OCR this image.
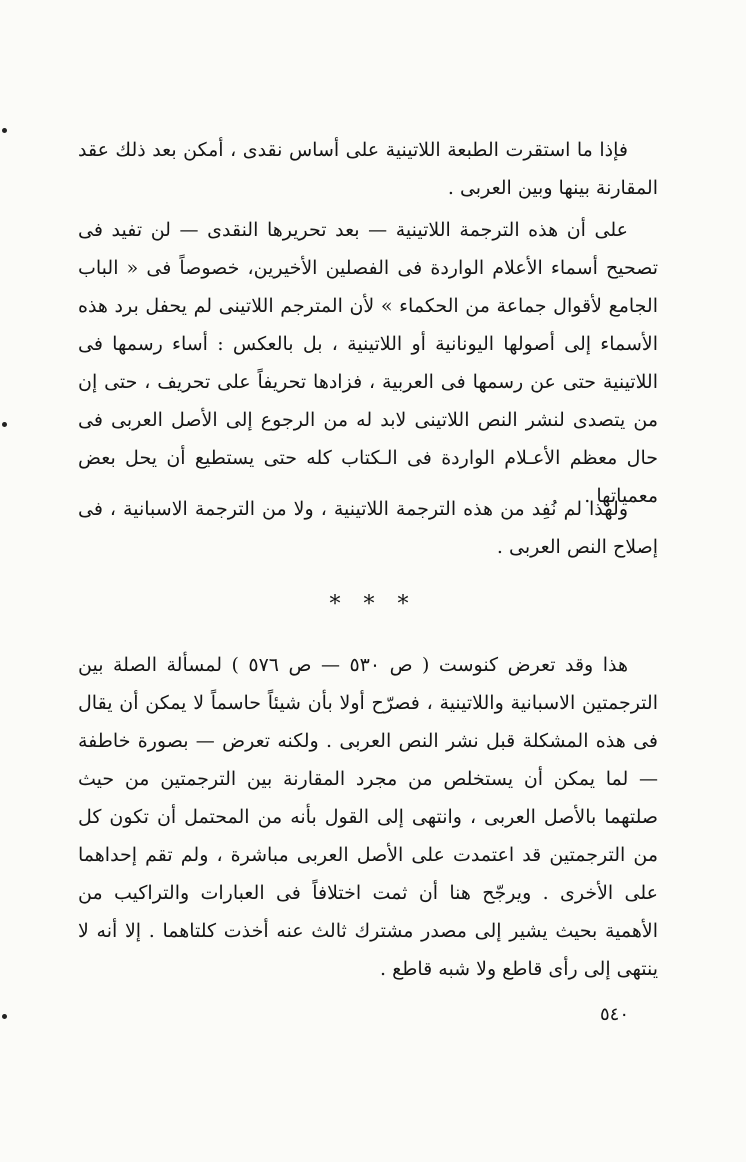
فإذا ما استقرت الطبعة اللاتينية على أساس نقدى ، أمكن بعد ذلك عقد المقارنة بينها وبين العربى .

على أن هذه الترجمة اللاتينية — بعد تحريرها النقدى — لن تفيد فى تصحيح أسماء الأعلام الواردة فى الفصلين الأخيرين، خصوصاً فى « الباب الجامع لأقوال جماعة من الحكماء » لأن المترجم اللاتينى لم يحفل برد هذه الأسماء إلى أصولها اليونانية أو اللاتينية ، بل بالعكس : أساء رسمها فى اللاتينية حتى عن رسمها فى العربية ، فزادها تحريفاً على تحريف ، حتى إن من يتصدى لنشر النص اللاتينى لابد له من الرجوع إلى الأصل العربى فى حال معظم الأعـلام الواردة فى الـكتاب كله حتى يستطيع أن يحل بعض معمياتها .

ولهذا لم نُفِد من هذه الترجمة اللاتينية ، ولا من الترجمة الاسبانية ، فى إصلاح النص العربى .

* * *

هذا وقد تعرض كنوست ( ص ٥٣٠ — ص ٥٧٦ ) لمسألة الصلة بين الترجمتين الاسبانية واللاتينية ، فصرّح أولا بأن شيئاً حاسماً لا يمكن أن يقال فى هذه المشكلة قبل نشر النص العربى . ولكنه تعرض — بصورة خاطفة — لما يمكن أن يستخلص من مجرد المقارنة بين الترجمتين من حيث صلتهما بالأصل العربى ، وانتهى إلى القول بأنه من المحتمل أن تكون كل من الترجمتين قد اعتمدت على الأصل العربى مباشرة ، ولم تقم إحداهما على الأخرى . ويرجّح هنا أن ثمت اختلافاً فى العبارات والتراكيب من الأهمية بحيث يشير إلى مصدر مشترك ثالث عنه أخذت كلتاهما . إلا أنه لا ينتهى إلى رأى قاطع ولا شبه قاطع .

٥٤٠
